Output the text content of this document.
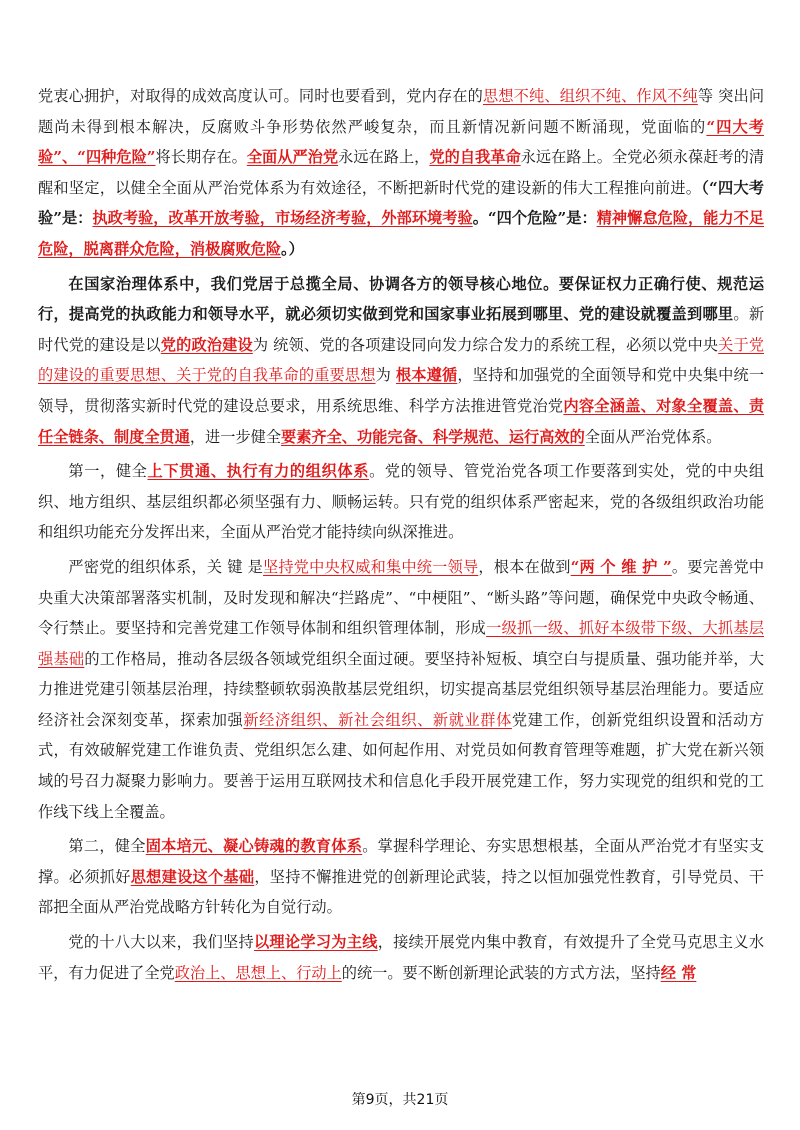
党衷心拥护，对取得的成效高度认可。同时也要看到，党内存在的思想不纯、组织不纯、作风不纯等 突出问题尚未得到根本解决，反腐败斗争形势依然严峻复杂，而且新情况新问题不断涌现，党面临的“四大考验”、“四种危险”将长期存在。全面从严治党永远在路上，党的自我革命永远在路上。全党必须永葆赶考的清醒和坚定，以健全全面从严治党体系为有效途径，不断把新时代党的建设新的伟大工程推向前进。（“四大考验”是：执政考验，改革开放考验，市场经济考验，外部环境考验。“四个危险”是：精神懈怠危险，能力不足危险，脱离群众危险，消极腐败危险。）

在国家治理体系中，我们党居于总揽全局、协调各方的领导核心地位。要保证权力正确行使、规范运行，提高党的执政能力和领导水平，就必须切实做到党和国家事业拓展到哪里、党的建设就覆盖到哪里。新时代党的建设是以党的政治建设为 统领、党的各项建设同向发力综合发力的系统工程，必须以党中央关于党的建设的重要思想、关于党的自我革命的重要思想为 根本遵循，坚持和加强党的全面领导和党中央集中统一领导，贯彻落实新时代党的建设总要求，用系统思维、科学方法推进管党治党内容全涵盖、对象全覆盖、责任全链条、制度全贯通，进一步健全要素齐全、功能完备、科学规范、运行高效的全面从严治党体系。

第一，健全上下贯通、执行有力的组织体系。党的领导、管党治党各项工作要落到实处，党的中央组织、地方组织、基层组织都必须坚强有力、顺畅运转。只有党的组织体系严密起来，党的各级组织政治功能和组织功能充分发挥出来，全面从严治党才能持续向纵深推进。

严密党的组织体系，关 键 是坚持党中央权威和集中统一领导，根本在做到“两 个 维 护 ”。要完善党中央重大决策部署落实机制，及时发现和解决“拦路虎”、“中梗阻”、“断头路”等问题，确保党中央政令畅通、令行禁止。要坚持和完善党建工作领导体制和组织管理体制，形成一级抓一级、抓好本级带下级、大抓基层强基础的工作格局，推动各层级各领域党组织全面过硬。要坚持补短板、填空白与提质量、强功能并举，大力推进党建引领基层治理，持续整顿软弱涣散基层党组织，切实提高基层党组织领导基层治理能力。要适应经济社会深刻变革，探索加强新经济组织、新社会组织、新就业群体党建工作，创新党组织设置和活动方式，有效破解党建工作谁负责、党组织怎么建、如何起作用、对党员如何教育管理等难题，扩大党在新兴领域的号召力凝聚力影响力。要善于运用互联网技术和信息化手段开展党建工作，努力实现党的组织和党的工作线下线上全覆盖。

第二，健全固本培元、凝心铸魂的教育体系。掌握科学理论、夯实思想根基，全面从严治党才有坚实支撑。必须抓好思想建设这个基础，坚持不懈推进党的创新理论武装，持之以恒加强党性教育，引导党员、干部把全面从严治党战略方针转化为自觉行动。

党的十八大以来，我们坚持以理论学习为主线，接续开展党内集中教育，有效提升了全党马克思主义水平，有力促进了全党政治上、思想上、行动上的统一。要不断创新理论武装的方式方法，坚持经 常

第9页，共21页
